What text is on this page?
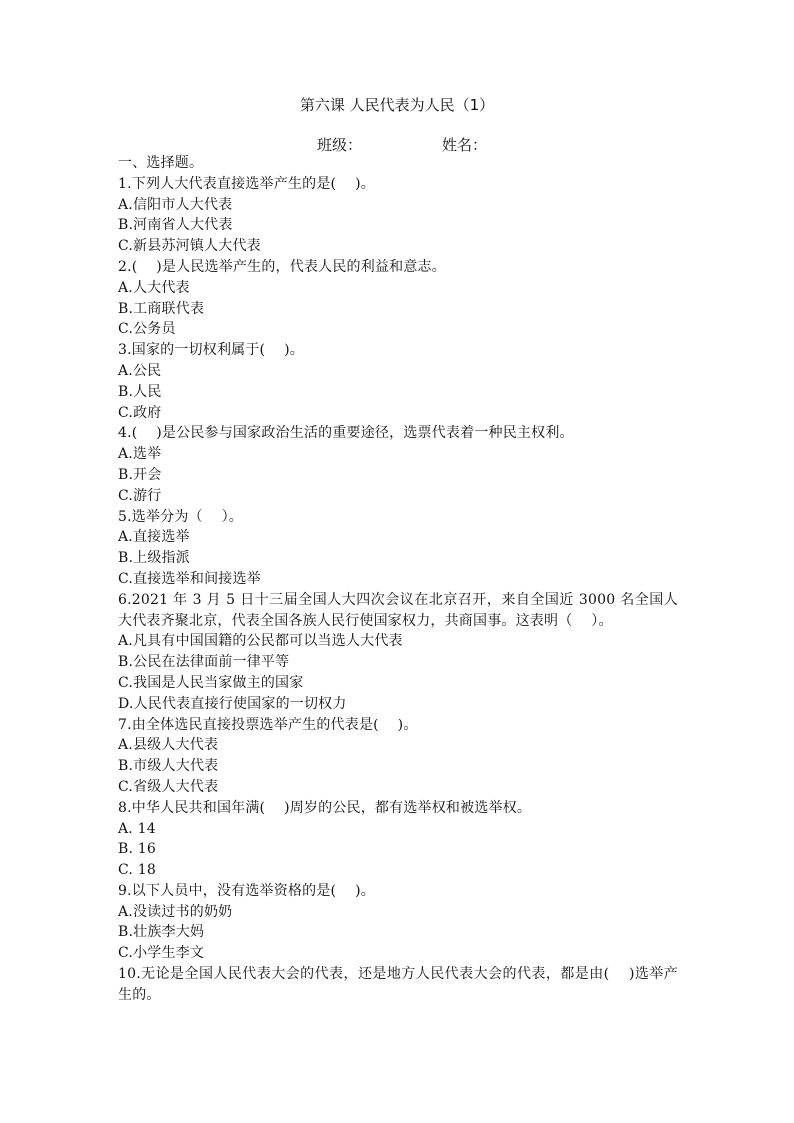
第六课 人民代表为人民（1）
班级：	姓名：
一、选择题。
1.下列人大代表直接选举产生的是(　 )。
A.信阳市人大代表
B.河南省人大代表
C.新县苏河镇人大代表
2.(　 )是人民选举产生的，代表人民的利益和意志。
A.人大代表
B.工商联代表
C.公务员
3.国家的一切权利属于(　 )。
A.公民
B.人民
C.政府
4.(　 )是公民参与国家政治生活的重要途径，选票代表着一种民主权利。
A.选举
B.开会
C.游行
5.选举分为（　 ）。
A.直接选举
B.上级指派
C.直接选举和间接选举
6.2021 年 3 月 5 日十三届全国人大四次会议在北京召开，来自全国近 3000 名全国人大代表齐聚北京，代表全国各族人民行使国家权力，共商国事。这表明（　 ）。
A.凡具有中国国籍的公民都可以当选人大代表
B.公民在法律面前一律平等
C.我国是人民当家做主的国家
D.人民代表直接行使国家的一切权力
7.由全体选民直接投票选举产生的代表是(　 )。
A.县级人大代表
B.市级人大代表
C.省级人大代表
8.中华人民共和国年满(　 )周岁的公民，都有选举权和被选举权。
A. 14
B. 16
C. 18
9.以下人员中，没有选举资格的是(　 )。
A.没读过书的奶奶
B.壮族李大妈
C.小学生李文
10.无论是全国人民代表大会的代表，还是地方人民代表大会的代表，都是由(　 )选举产生的。
